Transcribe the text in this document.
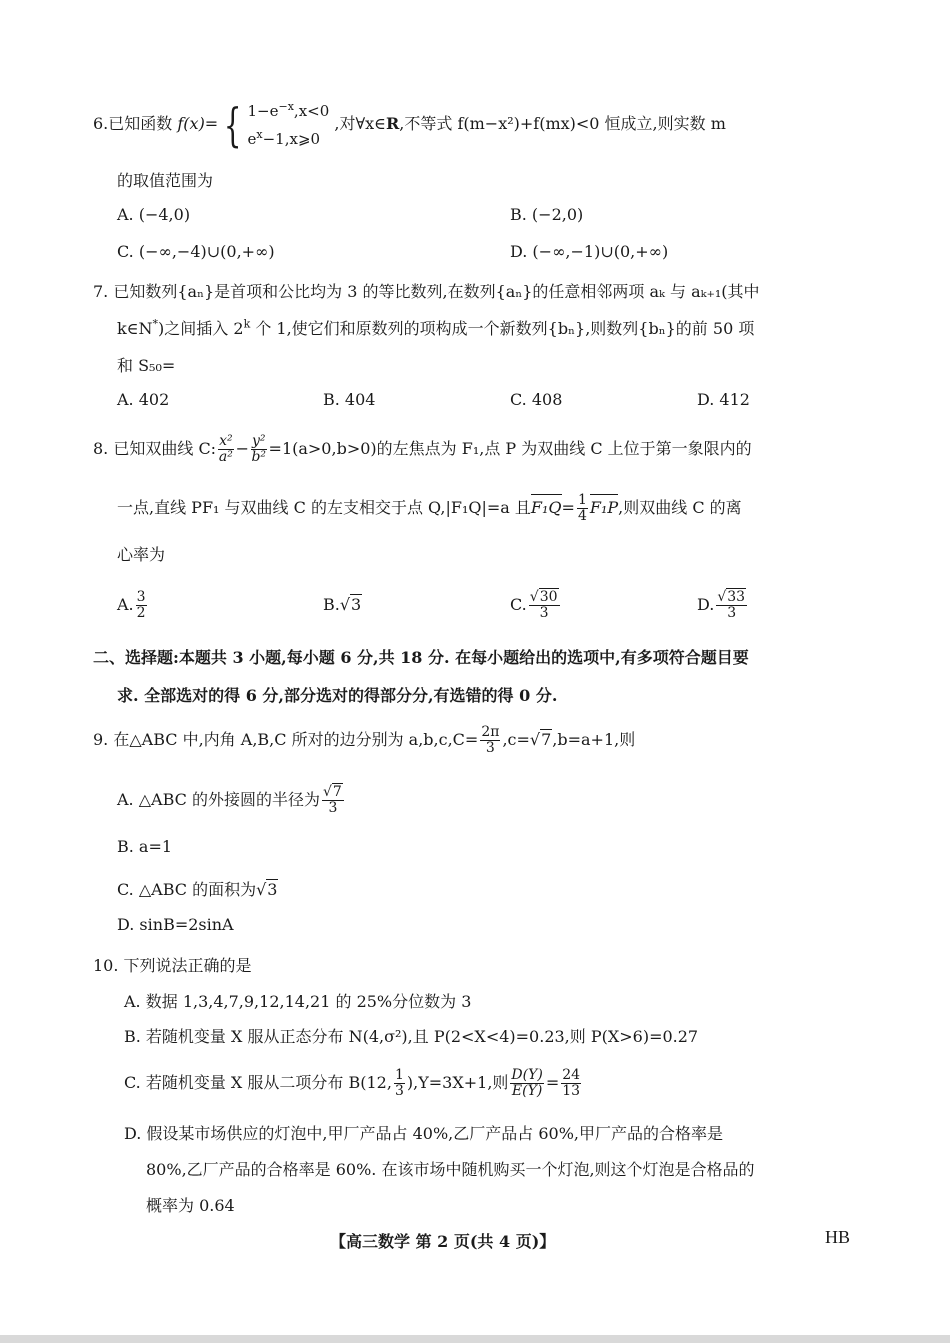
6.已知函数 f(x)= { $1-e^{-x},x<0$
$e^x-1,x⩾0$
,对∀x∈R,不等式 f(m−x²)+f(mx)<0 恒成立,则实数 m
的取值范围为
A. (−4,0)	B. (−2,0)
C. (−∞,−4)∪(0,+∞)	D. (−∞,−1)∪(0,+∞)
7. 已知数列{aₙ}是首项和公比均为 3 的等比数列,在数列{aₙ}的任意相邻两项 aₖ 与 aₖ₊₁(其中
k∈N*)之间插入 2$^k$ 个 1,使它们和原数列的项构成一个新数列{bₙ},则数列{bₙ}的前 50 项
和 S₅₀=
A. 402	B. 404	C. 408	D. 412
8. 已知双曲线 C: $\frac{\text{x²}}{\text{a²}} - \frac{\text{y²}}{\text{b²}} =1(a>0,b>0)$的左焦点为 F₁,点 P 为双曲线 C 上位于第一象限内的
一点,直线 PF₁ 与双曲线 C 的左支相交于点 Q,|F₁Q|=a 且
$F_1Q= \frac{1}{4} F_1P$,则双曲线 C 的离
心率为
A. $\frac{3}{2}$	B.√3	C. $\frac{√30}{3}$	D. $\frac{√33}{3}$
二、选择题:本题共 3 小题,每小题 6 分,共 18 分. 在每小题给出的选项中,有多项符合题目要
求. 全部选对的得 6 分,部分选对的得部分分,有选错的得 0 分.
9. 在△ABC 中,内角 A,B,C 所对的边分别为 $a,b,c,C= \frac{2\pi}{3} ,c=√7,b=a+1$,则
A. △ABC 的外接圆的半径为 $\frac{√7}{3}$
B. a=1
C. △ABC 的面积为√3
D. sinB=2sinA
10. 下列说法正确的是
A. 数据 1,3,4,7,9,12,14,21 的 25%分位数为 3
B. 若随机变量 X 服从正态分布 N(4,σ²),且 P(2<X<4)=0.23,则 P(X>6)=0.27
C. 若随机变量 X 服从二项分布 B(12, $\frac{1}{3} ),Y=3X+1$,则 $\frac{D(Y)}{E(Y)} = \frac{24}{13}$
D. 假设某市场供应的灯泡中,甲厂产品占 40%,乙厂产品占 60%,甲厂产品的合格率是
80%,乙厂产品的合格率是 60%. 在该市场中随机购买一个灯泡,则这个灯泡是合格品的
概率为 0.64
【高三数学 第 2 页(共 4 页)】	HB
